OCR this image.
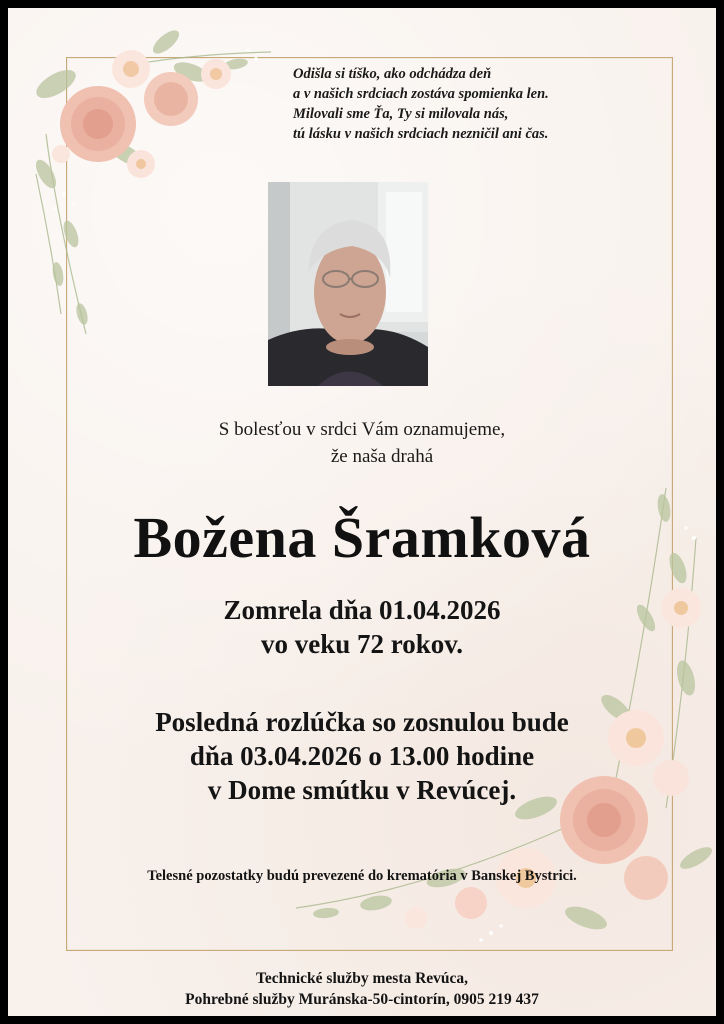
Odišla si tíško, ako odchádza deň
a v našich srdciach zostáva spomienka len.
Milovali sme Ťa, Ty si milovala nás,
tú lásku v našich srdciach nezničil ani čas.
S bolesťou v srdci Vám oznamujeme,
že naša drahá
Božena Šramková
Zomrela dňa 01.04.2026
vo veku 72 rokov.
Posledná rozlúčka so zosnulou bude
dňa 03.04.2026 o 13.00 hodine
v Dome smútku v Revúcej.
Telesné pozostatky budú prevezené do krematória v Banskej Bystrici.
Technické služby mesta Revúca,
Pohrebné služby Muránska-50-cintorín, 0905 219 437
